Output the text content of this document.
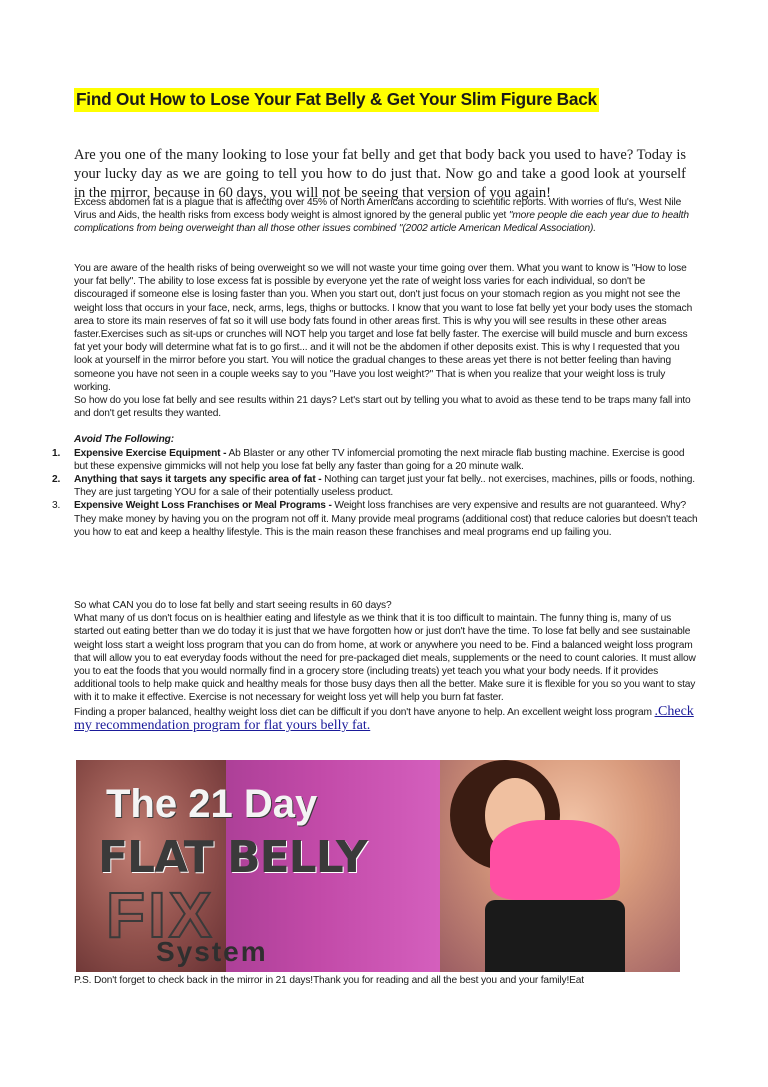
Find Out How to Lose Your Fat Belly & Get Your Slim Figure Back

Are you one of the many looking to lose your fat belly and get that body back you used to have? Today is your lucky day as we are going to tell you how to do just that. Now go and take a good look at yourself in the mirror, because in 60 days, you will not be seeing that version of you again!

Excess abdomen fat is a plague that is affecting over 45% of North Americans according to scientific reports. With worries of flu's, West Nile Virus and Aids, the health risks from excess body weight is almost ignored by the general public yet "more people die each year due to health complications from being overweight than all those other issues combined "(2002 article American Medical Association).

You are aware of the health risks of being overweight so we will not waste your time going over them. What you want to know is "How to lose your fat belly". The ability to lose excess fat is possible by everyone yet the rate of weight loss varies for each individual, so don't be discouraged if someone else is losing faster than you. When you start out, don't just focus on your stomach region as you might not see the weight loss that occurs in your face, neck, arms, legs, thighs or buttocks. I know that you want to lose fat belly yet your body uses the stomach area to store its main reserves of fat so it will use body fats found in other areas first. This is why you will see results in these other areas faster.Exercises such as sit-ups or crunches will NOT help you target and lose fat belly faster. The exercise will build muscle and burn excess fat yet your body will determine what fat is to go first... and it will not be the abdomen if other deposits exist. This is why I requested that you look at yourself in the mirror before you start. You will notice the gradual changes to these areas yet there is not better feeling than having someone you have not seen in a couple weeks say to you "Have you lost weight?" That is when you realize that your weight loss is truly working.

So how do you lose fat belly and see results within 21 days? Let's start out by telling you what to avoid as these tend to be traps many fall into and don't get results they wanted.

Avoid The Following:

1. Expensive Exercise Equipment - Ab Blaster or any other TV infomercial promoting the next miracle flab busting machine. Exercise is good but these expensive gimmicks will not help you lose fat belly any faster than going for a 20 minute walk.
2. Anything that says it targets any specific area of fat - Nothing can target just your fat belly.. not exercises, machines, pills or foods, nothing. They are just targeting YOU for a sale of their potentially useless product.
3. Expensive Weight Loss Franchises or Meal Programs - Weight loss franchises are very expensive and results are not guaranteed. Why? They make money by having you on the program not off it. Many provide meal programs (additional cost) that reduce calories but doesn't teach you how to eat and keep a healthy lifestyle. This is the main reason these franchises and meal programs end up failing you.

So what CAN you do to lose fat belly and start seeing results in 60 days?

What many of us don't focus on is healthier eating and lifestyle as we think that it is too difficult to maintain. The funny thing is, many of us started out eating better than we do today it is just that we have forgotten how or just don't have the time. To lose fat belly and see sustainable weight loss start a weight loss program that you can do from home, at work or anywhere you need to be. Find a balanced weight loss program that will allow you to eat everyday foods without the need for pre-packaged diet meals, supplements or the need to count calories. It must allow you to eat the foods that you would normally find in a grocery store (including treats) yet teach you what your body needs. If it provides additional tools to help make quick and healthy meals for those busy days then all the better. Make sure it is flexible for you so you want to stay with it to make it effective. Exercise is not necessary for weight loss yet will help you burn fat faster.

Finding a proper balanced, healthy weight loss diet can be difficult if you don't have anyone to help. An excellent weight loss program .Check my recommendation program for flat yours belly fat.

The 21 Day
FLAT BELLY
FIX
System
P.S. Don't forget to check back in the mirror in 21 days!Thank you for reading and all the best you and your family!Eat
